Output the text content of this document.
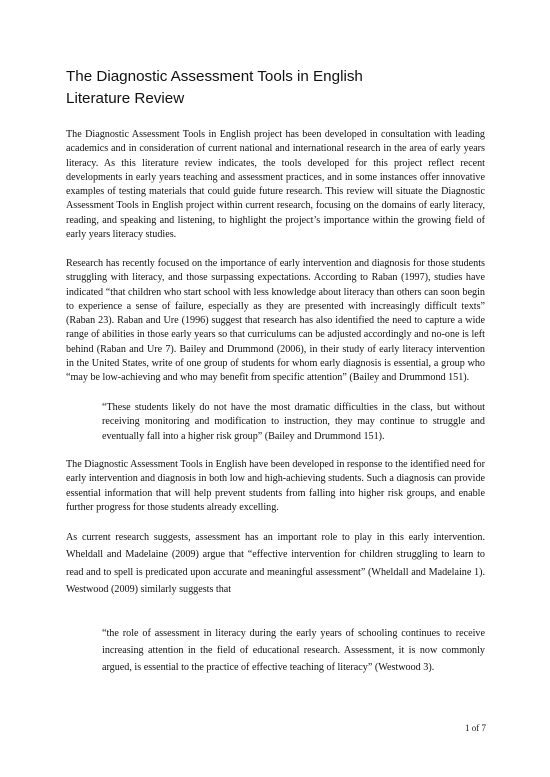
The Diagnostic Assessment Tools in English
Literature Review

The Diagnostic Assessment Tools in English project has been developed in consultation with leading academics and in consideration of current national and international research in the area of early years literacy. As this literature review indicates, the tools developed for this project reflect recent developments in early years teaching and assessment practices, and in some instances offer innovative examples of testing materials that could guide future research. This review will situate the Diagnostic Assessment Tools in English project within current research, focusing on the domains of early literacy, reading, and speaking and listening, to highlight the project’s importance within the growing field of early years literacy studies.

Research has recently focused on the importance of early intervention and diagnosis for those students struggling with literacy, and those surpassing expectations. According to Raban (1997), studies have indicated “that children who start school with less knowledge about literacy than others can soon begin to experience a sense of failure, especially as they are presented with increasingly difficult texts” (Raban 23). Raban and Ure (1996) suggest that research has also identified the need to capture a wide range of abilities in those early years so that curriculums can be adjusted accordingly and no-one is left behind (Raban and Ure 7). Bailey and Drummond (2006), in their study of early literacy intervention in the United States, write of one group of students for whom early diagnosis is essential, a group who “may be low-achieving and who may benefit from specific attention” (Bailey and Drummond 151).

“These students likely do not have the most dramatic difficulties in the class, but without receiving monitoring and modification to instruction, they may continue to struggle and eventually fall into a higher risk group” (Bailey and Drummond 151).

The Diagnostic Assessment Tools in English have been developed in response to the identified need for early intervention and diagnosis in both low and high-achieving students. Such a diagnosis can provide essential information that will help prevent students from falling into higher risk groups, and enable further progress for those students already excelling.

As current research suggests, assessment has an important role to play in this early intervention. Wheldall and Madelaine (2009) argue that “effective intervention for children struggling to learn to read and to spell is predicated upon accurate and meaningful assessment” (Wheldall and Madelaine 1). Westwood (2009) similarly suggests that

“the role of assessment in literacy during the early years of schooling continues to receive increasing attention in the field of educational research. Assessment, it is now commonly argued, is essential to the practice of effective teaching of literacy” (Westwood 3).

1 of 7
